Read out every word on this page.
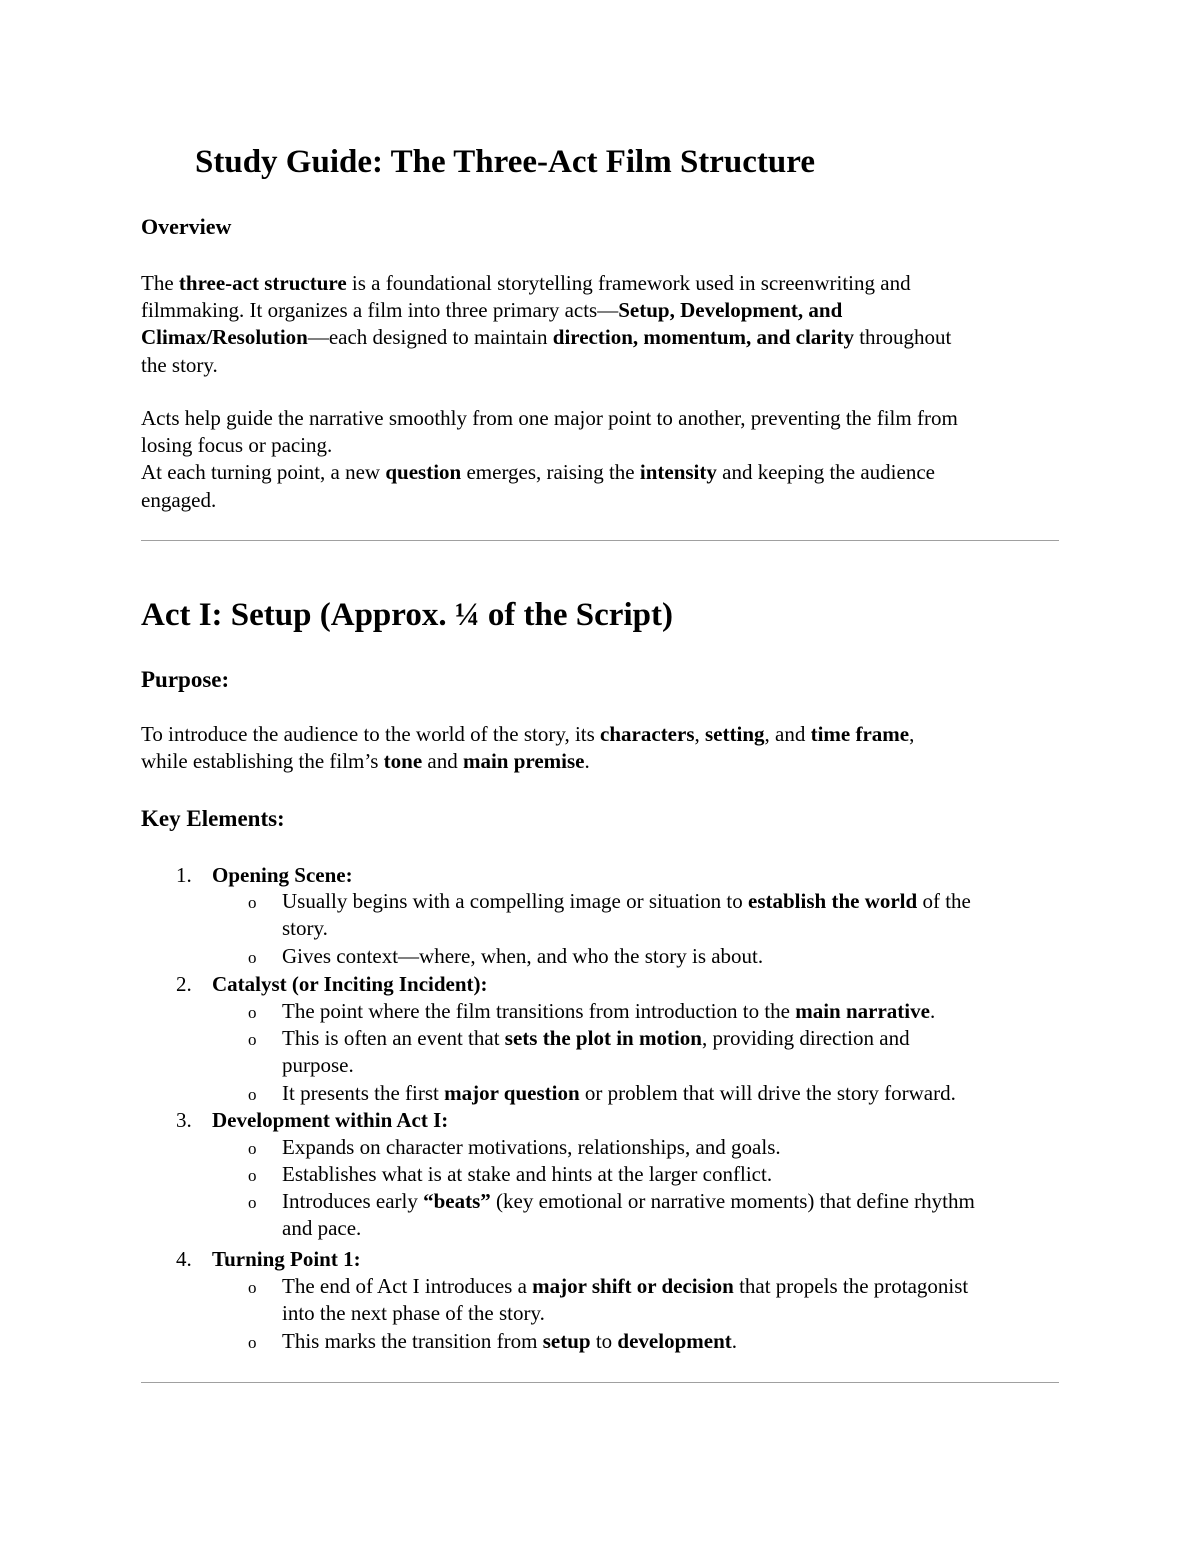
Study Guide: The Three-Act Film Structure
Overview
The three-act structure is a foundational storytelling framework used in screenwriting and
filmmaking. It organizes a film into three primary acts—Setup, Development, and
Climax/Resolution—each designed to maintain direction, momentum, and clarity throughout
the story.
Acts help guide the narrative smoothly from one major point to another, preventing the film from
losing focus or pacing.
At each turning point, a new question emerges, raising the intensity and keeping the audience
engaged.
Act I: Setup (Approx. ¼ of the Script)
Purpose:
To introduce the audience to the world of the story, its characters, setting, and time frame,
while establishing the film’s tone and main premise.
Key Elements:
1. Opening Scene:
o Usually begins with a compelling image or situation to establish the world of the
story.
o Gives context—where, when, and who the story is about.
2. Catalyst (or Inciting Incident):
o The point where the film transitions from introduction to the main narrative.
o This is often an event that sets the plot in motion, providing direction and
purpose.
o It presents the first major question or problem that will drive the story forward.
3. Development within Act I:
o Expands on character motivations, relationships, and goals.
o Establishes what is at stake and hints at the larger conflict.
o Introduces early “beats” (key emotional or narrative moments) that define rhythm
and pace.
4. Turning Point 1:
o The end of Act I introduces a major shift or decision that propels the protagonist
into the next phase of the story.
o This marks the transition from setup to development.
